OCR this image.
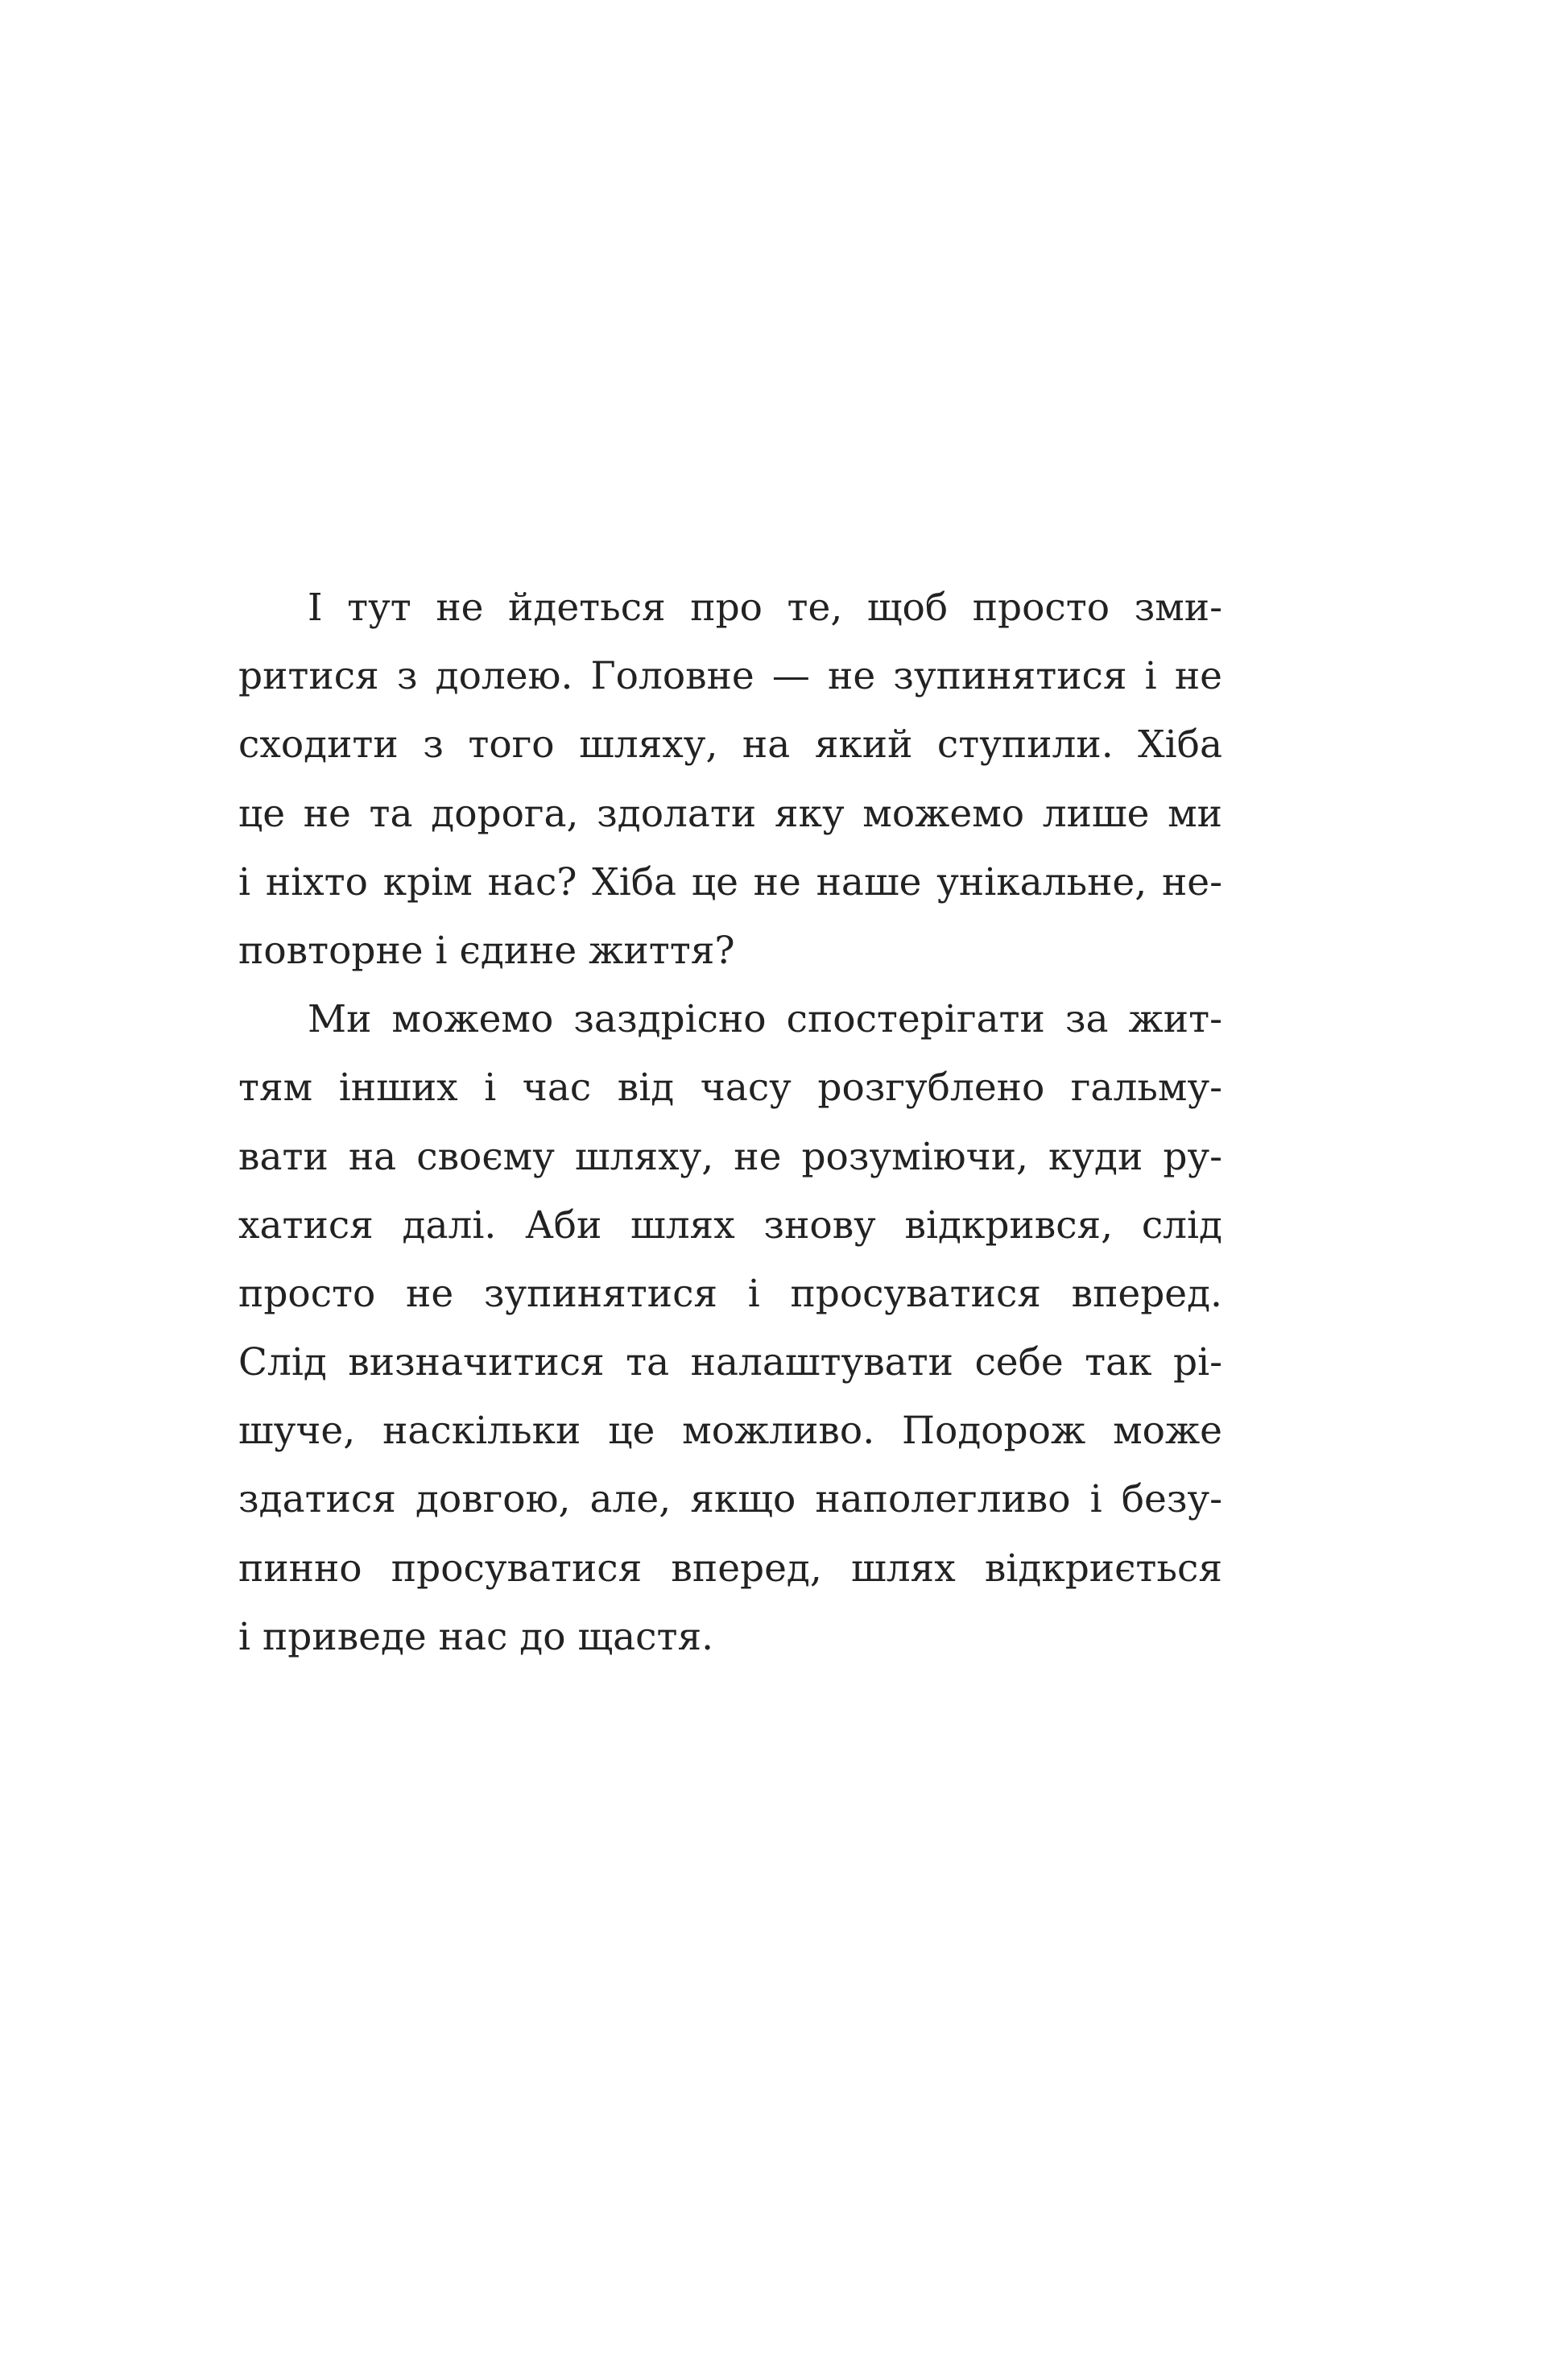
І тут не йдеться про те, щоб просто зми-
ритися з долею. Головне — не зупинятися і не
сходити з того шляху, на який ступили. Хіба
це не та дорога, здолати яку можемо лише ми
і ніхто крім нас? Хіба це не наше унікальне, не-
повторне і єдине життя?
Ми можемо заздрісно спостерігати за жит-
тям інших і час від часу розгублено гальму-
вати на своєму шляху, не розуміючи, куди ру-
хатися далі. Аби шлях знову відкрився, слід
просто не зупинятися і просуватися вперед.
Слід визначитися та налаштувати себе так рі-
шуче, наскільки це можливо. Подорож може
здатися довгою, але, якщо наполегливо і безу-
пинно просуватися вперед, шлях відкриється
і приведе нас до щастя.
